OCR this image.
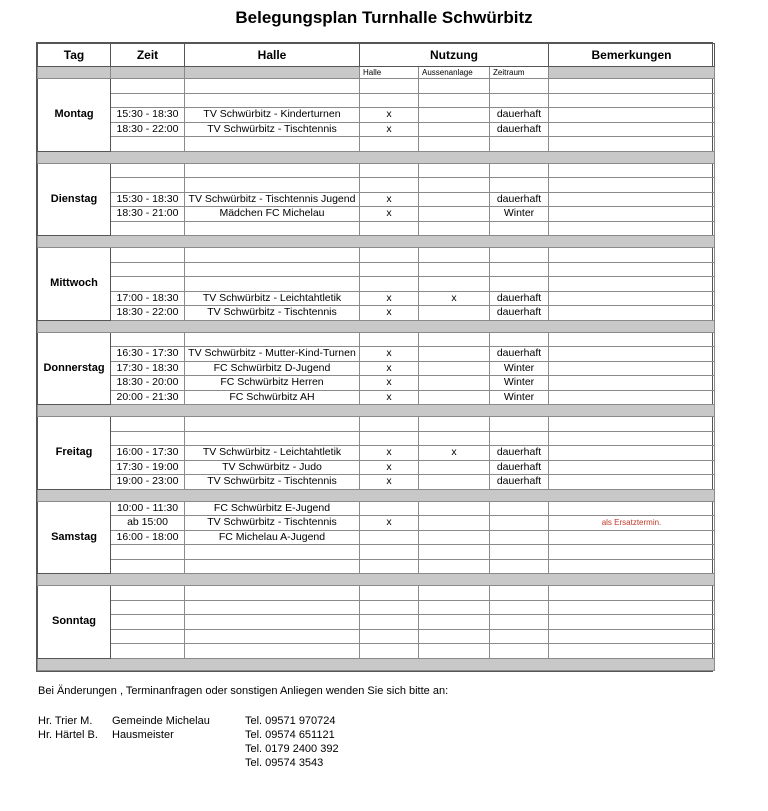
Belegungsplan Turnhalle Schwürbitz
Tag	Zeit	Halle	Nutzung			Bemerkungen
			Halle	Aussenanlage	Zeitraum	
Montag						

	15:30 - 18:30	TV Schwürbitz - Kinderturnen	x		dauerhaft	
	18:30 - 22:00	TV Schwürbitz - Tischtennis	x		dauerhaft	

Dienstag						

	15:30 - 18:30	TV Schwürbitz - Tischtennis Jugend	x		dauerhaft	
	18:30 - 21:00	Mädchen FC Michelau	x		Winter	

Mittwoch						

	17:00 - 18:30	TV Schwürbitz - Leichtahtletik	x	x	dauerhaft	
	18:30 - 22:00	TV Schwürbitz - Tischtennis	x		dauerhaft	

Donnerstag						
	16:30 - 17:30	TV Schwürbitz - Mutter-Kind-Turnen	x		dauerhaft	
	17:30 - 18:30	FC Schwürbitz D-Jugend	x		Winter	
	18:30 - 20:00	FC Schwürbitz Herren	x		Winter	
	20:00 - 21:30	FC Schwürbitz AH	x		Winter	

Freitag						

	16:00 - 17:30	TV Schwürbitz - Leichtahtletik	x	x	dauerhaft	
	17:30 - 19:00	TV Schwürbitz - Judo	x		dauerhaft	
	19:00 - 23:00	TV Schwürbitz - Tischtennis	x		dauerhaft	

Samstag	10:00 - 11:30	FC Schwürbitz E-Jugend				
	ab 15:00	TV Schwürbitz - Tischtennis	x			als Ersatztermin.
	16:00 - 18:00	FC Michelau A-Jugend				

Sonntag						

Bei Änderungen , Terminanfragen oder sonstigen Anliegen wenden Sie sich bitte an:
Hr. Trier M. Gemeinde Michelau	Tel. 09571 970724
Hr. Härtel B. Hausmeister	Tel. 09574 651121
Tel. 0179 2400 392
Tel. 09574 3543
